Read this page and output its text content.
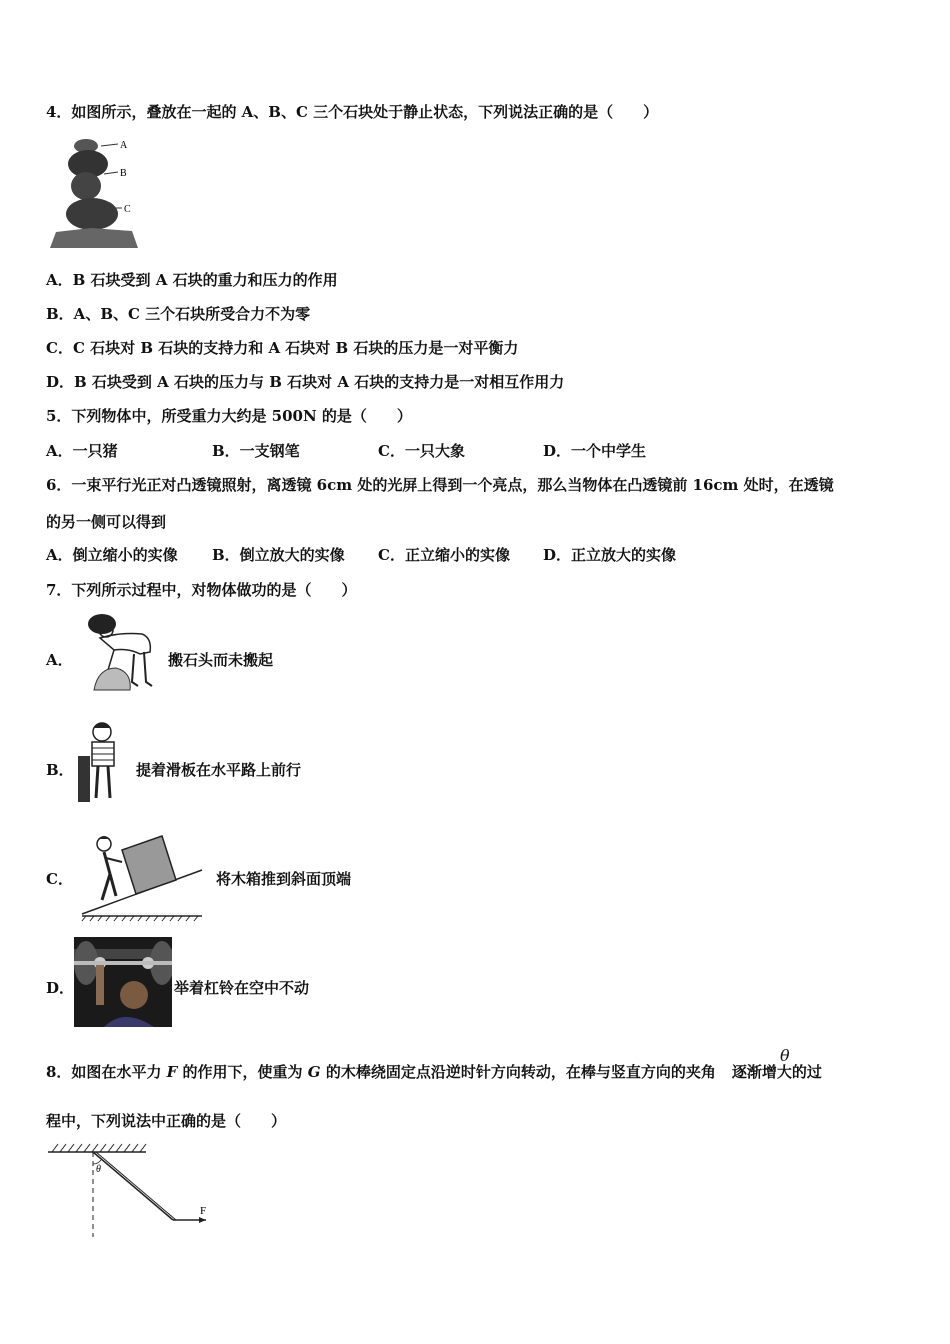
4．如图所示，叠放在一起的 A、B、C 三个石块处于静止状态，下列说法正确的是（　　）
A
B
C
A．B 石块受到 A 石块的重力和压力的作用
B．A、B、C 三个石块所受合力不为零
C．C 石块对 B 石块的支持力和 A 石块对 B 石块的压力是一对平衡力
D．B 石块受到 A 石块的压力与 B 石块对 A 石块的支持力是一对相互作用力
5．下列物体中，所受重力大约是 500N 的是（　　）
A．一只猪	B．一支钢笔	C．一只大象	D．一个中学生
6．一束平行光正对凸透镜照射，离透镜 6cm 处的光屏上得到一个亮点，那么当物体在凸透镜前 16cm 处时，在透镜
的另一侧可以得到
A．倒立缩小的实像 B．倒立放大的实像 C．正立缩小的实像 D．正立放大的实像
7．下列所示过程中，对物体做功的是（　　）
A．	搬石头而未搬起
B．	提着滑板在水平路上前行
C．	将木箱推到斜面顶端
D．	举着杠铃在空中不动
8．如图在水平力 F 的作用下，使重为 G 的木棒绕固定点沿逆时针方向转动，在棒与竖直方向的夹角 逐渐增大的过
θ
程中，下列说法中正确的是（　　）
θ
F
